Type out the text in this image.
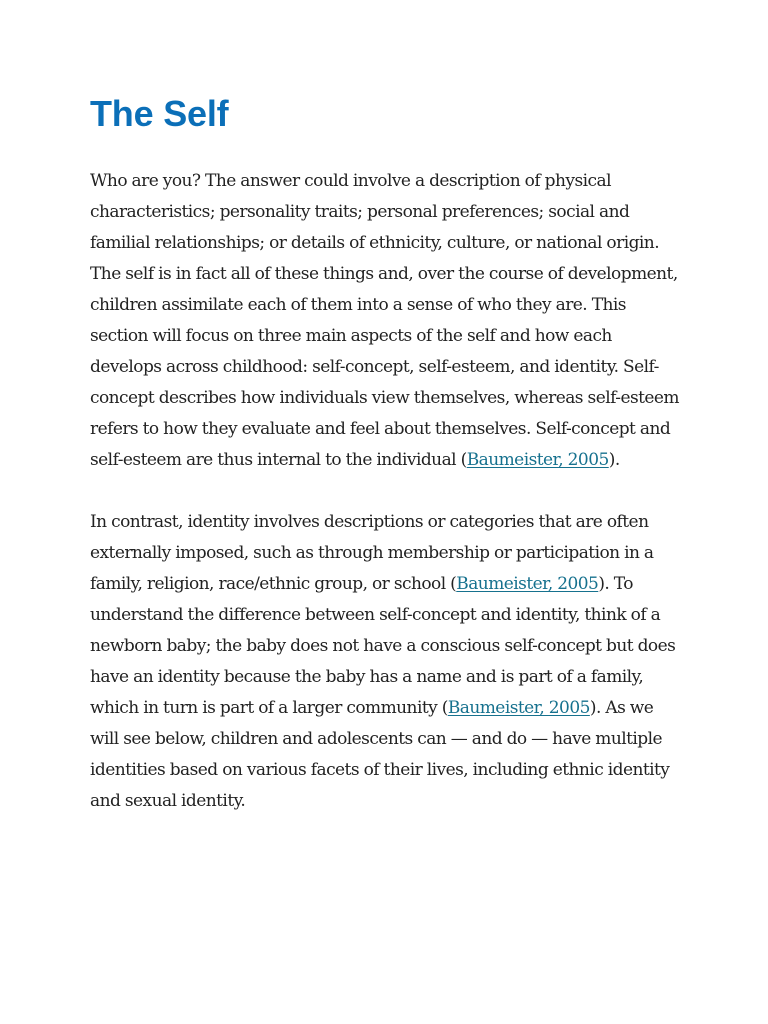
The Self

Who are you? The answer could involve a description of physical characteristics; personality traits; personal preferences; social and familial relationships; or details of ethnicity, culture, or national origin. The self is in fact all of these things and, over the course of development, children assimilate each of them into a sense of who they are. This section will focus on three main aspects of the self and how each develops across childhood: self-concept, self-esteem, and identity. Self-concept describes how individuals view themselves, whereas self-esteem refers to how they evaluate and feel about themselves. Self-concept and self-esteem are thus internal to the individual (Baumeister, 2005).

In contrast, identity involves descriptions or categories that are often externally imposed, such as through membership or participation in a family, religion, race/ethnic group, or school (Baumeister, 2005). To understand the difference between self-concept and identity, think of a newborn baby; the baby does not have a conscious self-concept but does have an identity because the baby has a name and is part of a family, which in turn is part of a larger community (Baumeister, 2005). As we will see below, children and adolescents can — and do — have multiple identities based on various facets of their lives, including ethnic identity and sexual identity.
